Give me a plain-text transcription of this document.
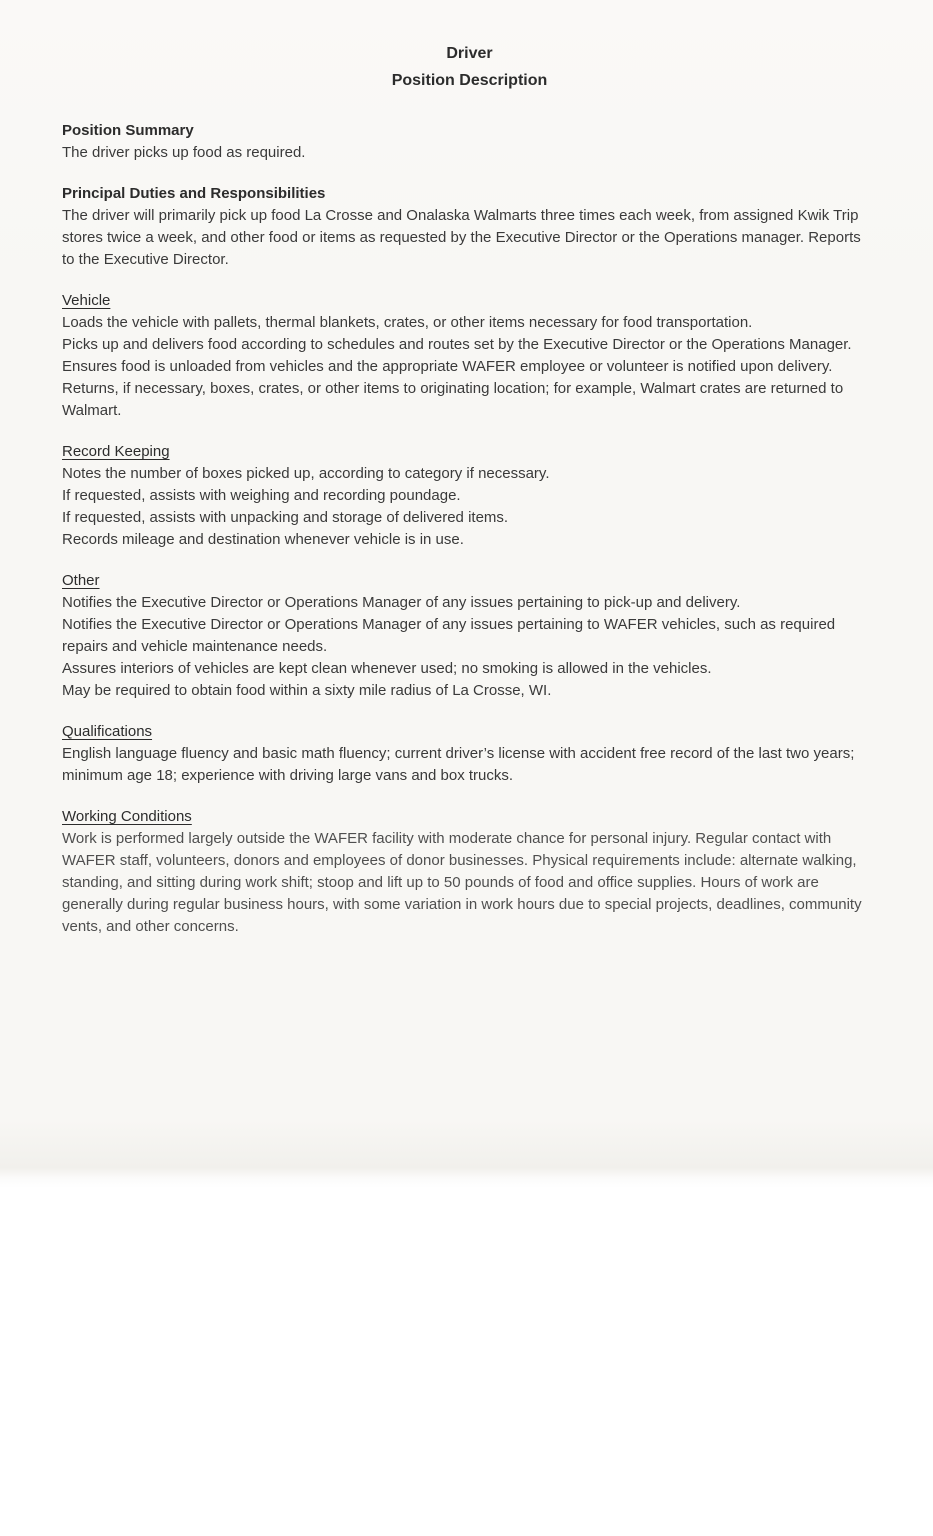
Driver
Position Description
Position Summary

The driver picks up food as required.

Principal Duties and Responsibilities

The driver will primarily pick up food La Crosse and Onalaska Walmarts three times each week, from assigned Kwik Trip stores twice a week, and other food or items as requested by the Executive Director or the Operations manager. Reports to the Executive Director.

Vehicle

Loads the vehicle with pallets, thermal blankets, crates, or other items necessary for food transportation.

Picks up and delivers food according to schedules and routes set by the Executive Director or the Operations Manager.

Ensures food is unloaded from vehicles and the appropriate WAFER employee or volunteer is notified upon delivery.

Returns, if necessary, boxes, crates, or other items to originating location; for example, Walmart crates are returned to Walmart.

Record Keeping

Notes the number of boxes picked up, according to category if necessary.

If requested, assists with weighing and recording poundage.

If requested, assists with unpacking and storage of delivered items.

Records mileage and destination whenever vehicle is in use.

Other

Notifies the Executive Director or Operations Manager of any issues pertaining to pick-up and delivery.

Notifies the Executive Director or Operations Manager of any issues pertaining to WAFER vehicles, such as required repairs and vehicle maintenance needs.

Assures interiors of vehicles are kept clean whenever used; no smoking is allowed in the vehicles.

May be required to obtain food within a sixty mile radius of La Crosse, WI.

Qualifications

English language fluency and basic math fluency; current driver’s license with accident free record of the last two years; minimum age 18; experience with driving large vans and box trucks.

Working Conditions

Work is performed largely outside the WAFER facility with moderate chance for personal injury. Regular contact with WAFER staff, volunteers, donors and employees of donor businesses. Physical requirements include: alternate walking, standing, and sitting during work shift; stoop and lift up to 50 pounds of food and office supplies. Hours of work are generally during regular business hours, with some variation in work hours due to special projects, deadlines, community vents, and other concerns.
